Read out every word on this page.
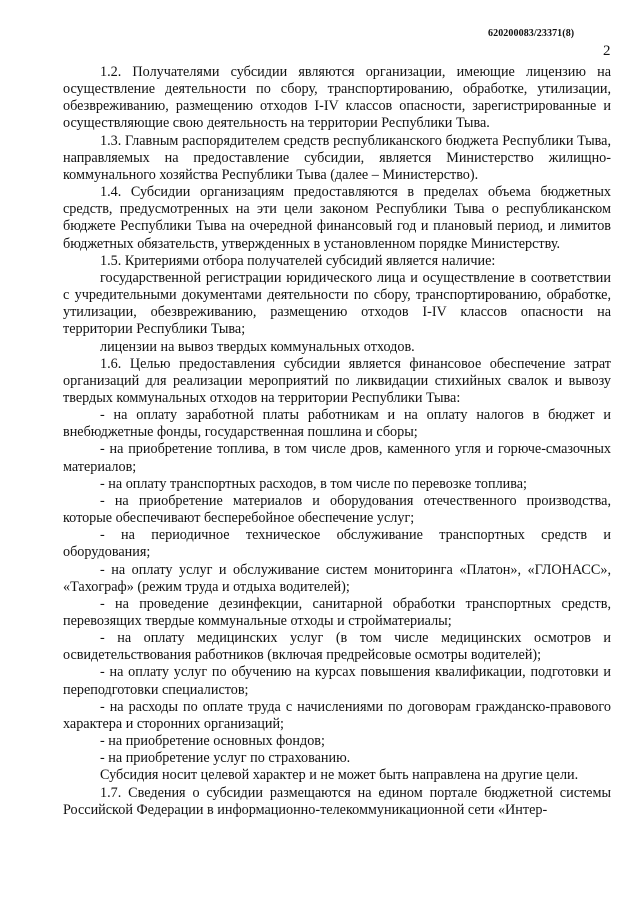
620200083/23371(8)
2

1.2. Получателями субсидии являются организации, имеющие лицензию на осуществление деятельности по сбору, транспортированию, обработке, утилизации, обезвреживанию, размещению отходов I-IV классов опасности, зарегистрированные и осуществляющие свою деятельность на территории Республики Тыва.

1.3. Главным распорядителем средств республиканского бюджета Республики Тыва, направляемых на предоставление субсидии, является Министерство жилищно-коммунального хозяйства Республики Тыва (далее – Министерство).

1.4. Субсидии организациям предоставляются в пределах объема бюджетных средств, предусмотренных на эти цели законом Республики Тыва о республиканском бюджете Республики Тыва на очередной финансовый год и плановый период, и лимитов бюджетных обязательств, утвержденных в установленном порядке Министерству.

1.5. Критериями отбора получателей субсидий является наличие:

государственной регистрации юридического лица и осуществление в соответствии с учредительными документами деятельности по сбору, транспортированию, обработке, утилизации, обезвреживанию, размещению отходов I-IV классов опасности на территории Республики Тыва;

лицензии на вывоз твердых коммунальных отходов.

1.6. Целью предоставления субсидии является финансовое обеспечение затрат организаций для реализации мероприятий по ликвидации стихийных свалок и вывозу твердых коммунальных отходов на территории Республики Тыва:

- на оплату заработной платы работникам и на оплату налогов в бюджет и внебюджетные фонды, государственная пошлина и сборы;

- на приобретение топлива, в том числе дров, каменного угля и горюче-смазочных материалов;

- на оплату транспортных расходов, в том числе по перевозке топлива;

- на приобретение материалов и оборудования отечественного производства, которые обеспечивают бесперебойное обеспечение услуг;

- на периодичное техническое обслуживание транспортных средств и оборудования;

- на оплату услуг и обслуживание систем мониторинга «Платон», «ГЛОНАСС», «Тахограф» (режим труда и отдыха водителей);

- на проведение дезинфекции, санитарной обработки транспортных средств, перевозящих твердые коммунальные отходы и стройматериалы;

- на оплату медицинских услуг (в том числе медицинских осмотров и освидетельствования работников (включая предрейсовые осмотры водителей);

- на оплату услуг по обучению на курсах повышения квалификации, подготовки и переподготовки специалистов;

- на расходы по оплате труда с начислениями по договорам гражданско-правового характера и сторонних организаций;

- на приобретение основных фондов;

- на приобретение услуг по страхованию.

Субсидия носит целевой характер и не может быть направлена на другие цели.

1.7. Сведения о субсидии размещаются на едином портале бюджетной системы Российской Федерации в информационно-телекоммуникационной сети «Интер-
